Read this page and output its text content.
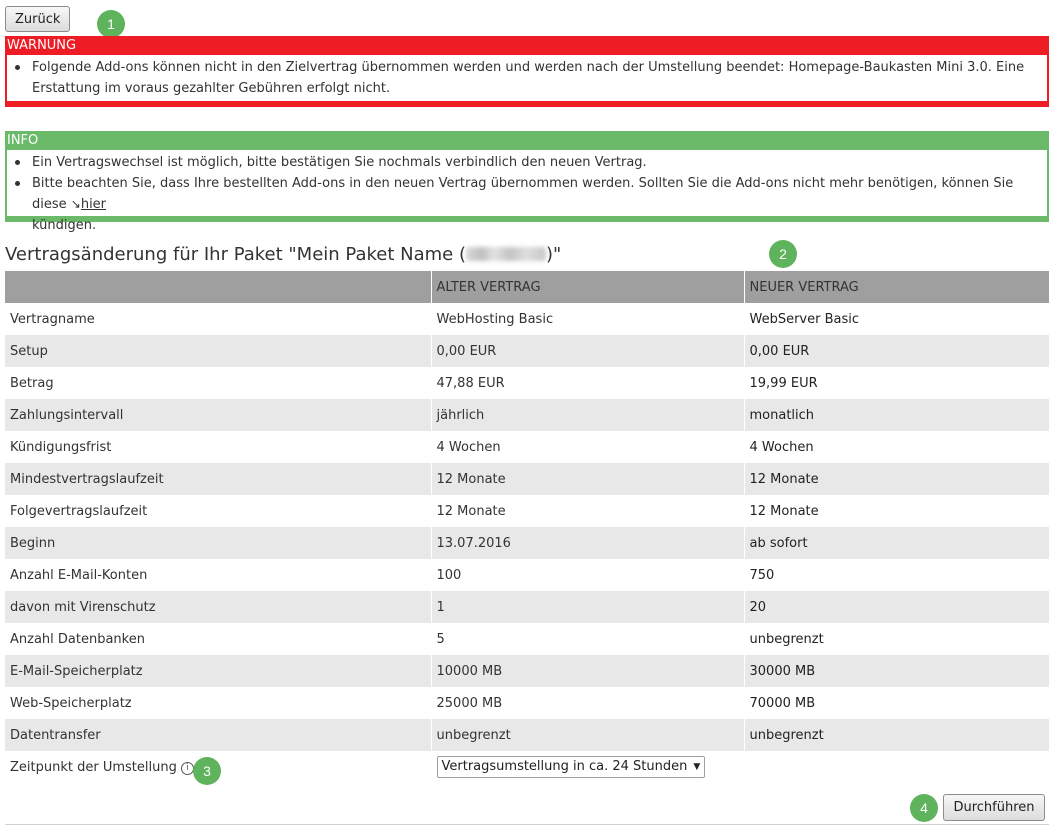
Zurück	1
WARNUNG
Folgende Add-ons können nicht in den Zielvertrag übernommen werden und werden nach der Umstellung beendet: Homepage-Baukasten Mini 3.0. Eine Erstattung im voraus gezahlter Gebühren erfolgt nicht.
INFO
Ein Vertragswechsel ist möglich, bitte bestätigen Sie nochmals verbindlich den neuen Vertrag.
Bitte beachten Sie, dass Ihre bestellten Add-ons in den neuen Vertrag übernommen werden. Sollten Sie die Add-ons nicht mehr benötigen, können Sie diese ↘hier
kündigen.
Vertragsänderung für Ihr Paket "Mein Paket Name (	)"	2
	ALTER VERTRAG	NEUER VERTRAG
Vertragname	WebHosting Basic	WebServer Basic
Setup	0,00 EUR	0,00 EUR
Betrag	47,88 EUR	19,99 EUR
Zahlungsintervall	jährlich	monatlich
Kündigungsfrist	4 Wochen	4 Wochen
Mindestvertragslaufzeit	12 Monate	12 Monate
Folgevertragslaufzeit	12 Monate	12 Monate
Beginn	13.07.2016	ab sofort
Anzahl E-Mail-Konten	100	750
davon mit Virenschutz	1	20
Anzahl Datenbanken	5	unbegrenzt
E-Mail-Speicherplatz	10000 MB	30000 MB
Web-Speicherplatz	25000 MB	70000 MB
Datentransfer	unbegrenzt	unbegrenzt
Zeitpunkt der Umstellung i	Vertragsumstellung in ca. 24 Stunden ▼	
3
4	Durchführen
